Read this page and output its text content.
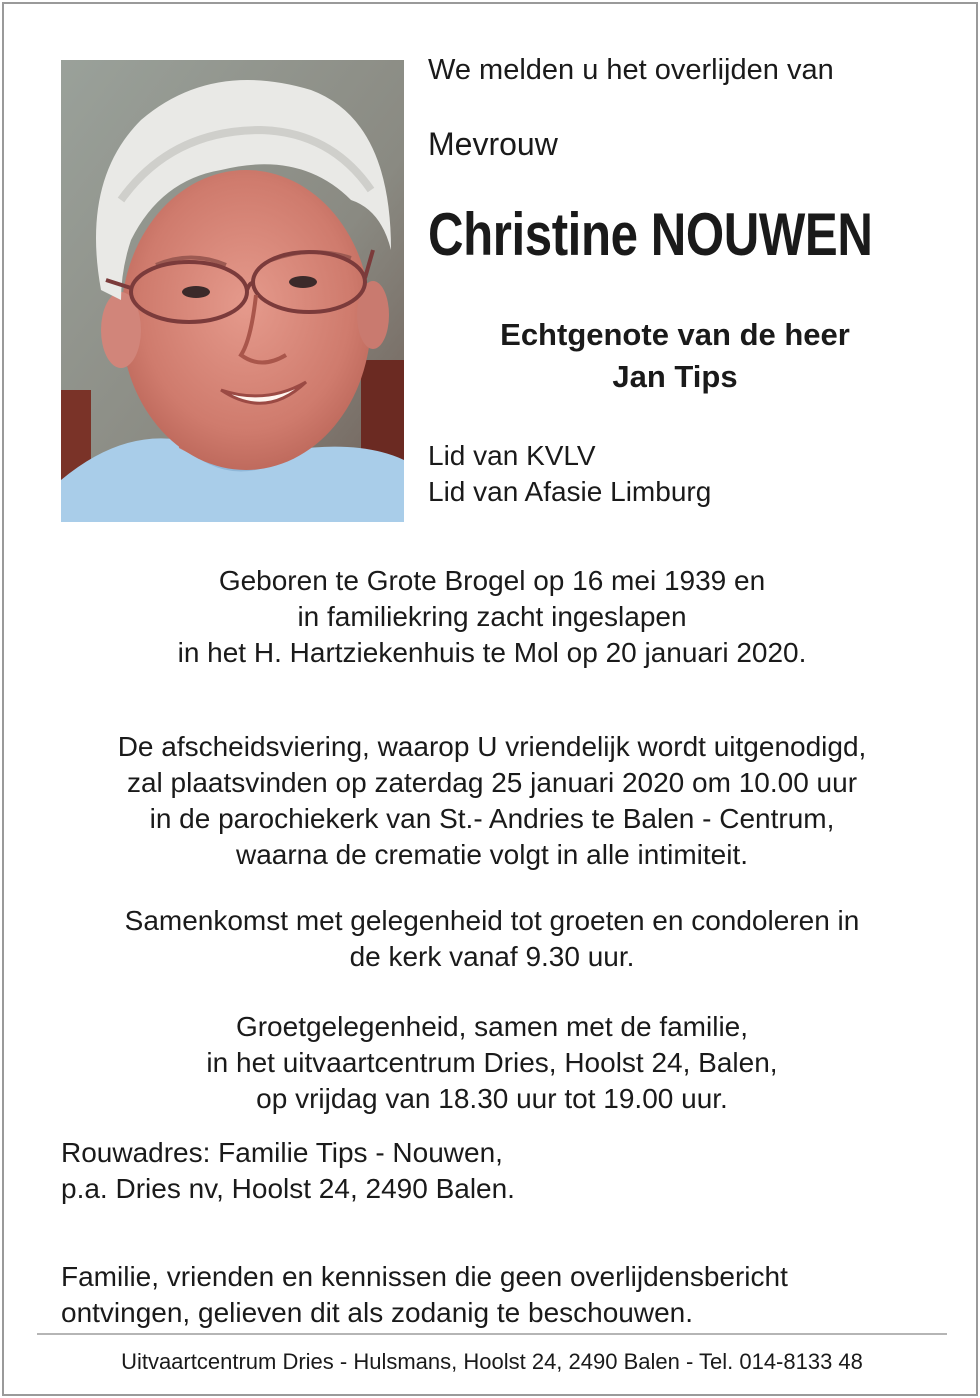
We melden u het overlijden van

Mevrouw

Christine NOUWEN
Echtgenote van de heer
Jan Tips
Lid van KVLV
Lid van Afasie Limburg
Geboren te Grote Brogel op 16 mei 1939 en
in familiekring zacht ingeslapen
in het H. Hartziekenhuis te Mol op 20 januari 2020.
De afscheidsviering, waarop U vriendelijk wordt uitgenodigd,
zal plaatsvinden op zaterdag 25 januari 2020 om 10.00 uur
in de parochiekerk van St.- Andries te Balen - Centrum,
waarna de crematie volgt in alle intimiteit.
Samenkomst met gelegenheid tot groeten en condoleren in
de kerk vanaf 9.30 uur.
Groetgelegenheid, samen met de familie,
in het uitvaartcentrum Dries, Hoolst 24, Balen,
op vrijdag van 18.30 uur tot 19.00 uur.
Rouwadres: Familie Tips - Nouwen,
p.a. Dries nv, Hoolst 24, 2490 Balen.
Familie, vrienden en kennissen die geen overlijdensbericht
ontvingen, gelieven dit als zodanig te beschouwen.
Uitvaartcentrum Dries - Hulsmans, Hoolst 24, 2490 Balen - Tel. 014-8133 48
